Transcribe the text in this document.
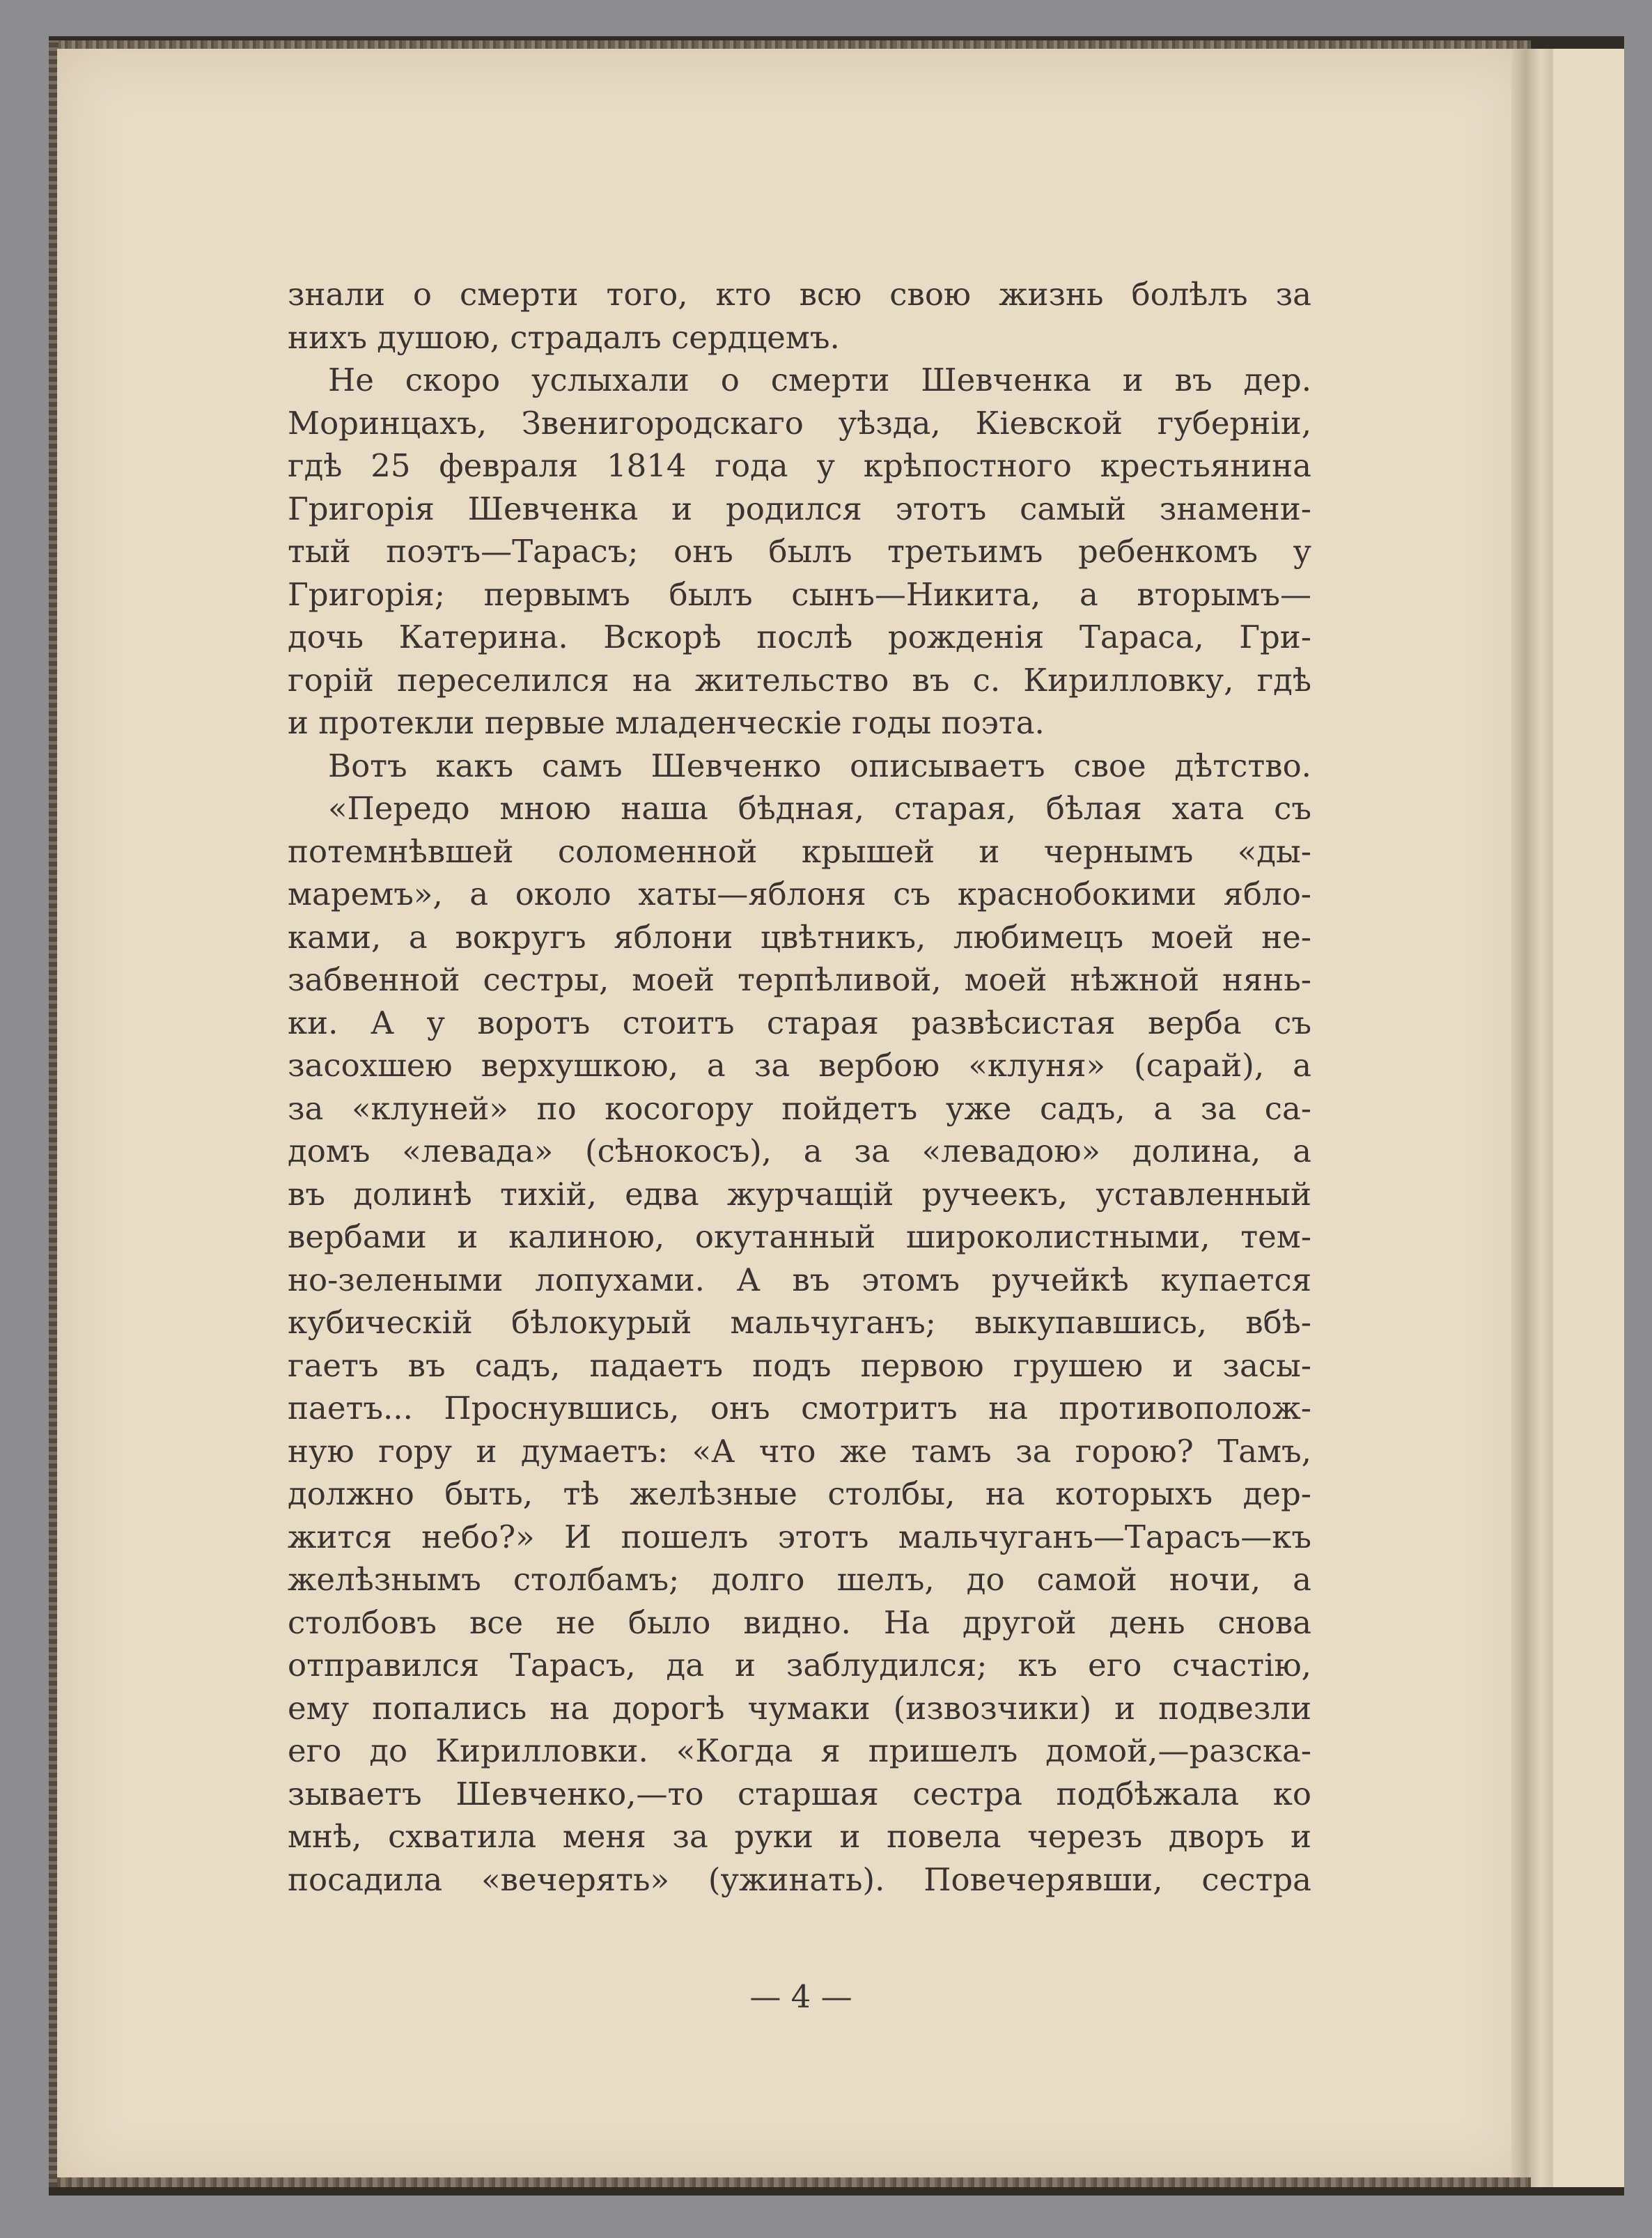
знали о смерти того, кто всю свою жизнь болѣлъ за
нихъ душою, страдалъ сердцемъ.
Не скоро услыхали о смерти Шевченка и въ дер.
Моринцахъ, Звенигородскаго уѣзда, Кіевской губерніи,
гдѣ 25 февраля 1814 года у крѣпостного крестьянина
Григорія Шевченка и родился этотъ самый знамени-
тый поэтъ—Тарасъ; онъ былъ третьимъ ребенкомъ у
Григорія; первымъ былъ сынъ—Никита, а вторымъ—
дочь Катерина. Вскорѣ послѣ рожденія Тараса, Гри-
горій переселился на жительство въ с. Кирилловку, гдѣ
и протекли первые младенческіе годы поэта.
Вотъ какъ самъ Шевченко описываетъ свое дѣтство.
«Передо мною наша бѣдная, старая, бѣлая хата съ
потемнѣвшей соломенной крышей и чернымъ «ды-
маремъ», а около хаты—яблоня съ краснобокими ябло-
ками, а вокругъ яблони цвѣтникъ, любимецъ моей не-
забвенной сестры, моей терпѣливой, моей нѣжной нянь-
ки. А у воротъ стоитъ старая развѣсистая верба съ
засохшею верхушкою, а за вербою «клуня» (сарай), а
за «клуней» по косогору пойдетъ уже садъ, а за са-
домъ «левада» (сѣнокосъ), а за «левадою» долина, а
въ долинѣ тихій, едва журчащій ручеекъ, уставленный
вербами и калиною, окутанный широколистными, тем-
но-зелеными лопухами. А въ этомъ ручейкѣ купается
кубическій бѣлокурый мальчуганъ; выкупавшись, вбѣ-
гаетъ въ садъ, падаетъ подъ первою грушею и засы-
паетъ... Проснувшись, онъ смотритъ на противополож-
ную гору и думаетъ: «А что же тамъ за горою? Тамъ,
должно быть, тѣ желѣзные столбы, на которыхъ дер-
жится небо?» И пошелъ этотъ мальчуганъ—Тарасъ—къ
желѣзнымъ столбамъ; долго шелъ, до самой ночи, а
столбовъ все не было видно. На другой день снова
отправился Тарасъ, да и заблудился; къ его счастію,
ему попались на дорогѣ чумаки (извозчики) и подвезли
его до Кирилловки. «Когда я пришелъ домой,—разска-
зываетъ Шевченко,—то старшая сестра подбѣжала ко
мнѣ, схватила меня за руки и повела черезъ дворъ и
посадила «вечерять» (ужинать). Повечерявши, сестра
— 4 —
